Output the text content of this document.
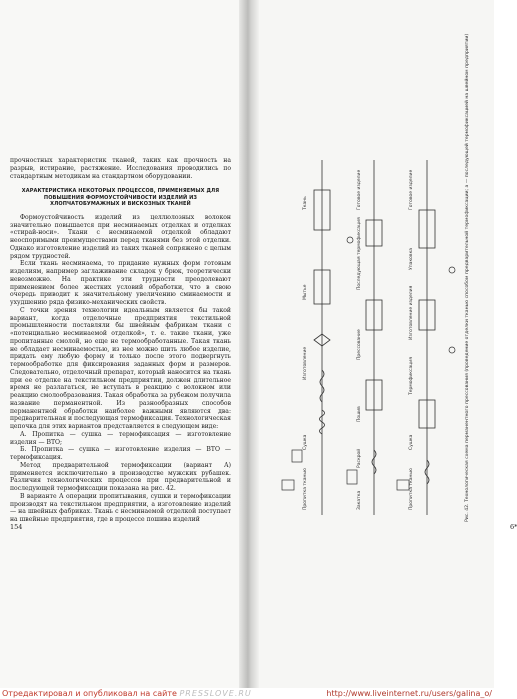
прочностных характеристик тканей, таких как прочность на разрыв, истирание, растяжение. Исследования проводились по стандартным методикам на стандартном оборудовании.

ХАРАКТЕРИСТИКА НЕКОТОРЫХ ПРОЦЕССОВ, ПРИМЕНЯЕМЫХ ДЛЯ ПОВЫШЕНИЯ ФОРМОУСТОЙЧИВОСТИ ИЗДЕЛИЙ ИЗ ХЛОПЧАТОБУМАЖНЫХ И ВИСКОЗНЫХ ТКАНЕЙ

Формоустойчивость изделий из целлюлозных волокон значительно повышается при несминаемых отделках и отделках «стирай-носи». Ткани с несминаемой отделкой обладают неоспоримыми преимуществами перед тканями без этой отделки. Однако изготовление изделий из таких тканей сопряжено с целым рядом трудностей.

Если ткань несминаема, то придание нужных форм готовым изделиям, например заглаживание складок у брюк, теоретически невозможно. На практике эти трудности преодолевают применением более жестких условий обработки, что в свою очередь приводит к значительному увеличению сминаемости и ухудшению ряда физико-механических свойств.

С точки зрения технологии идеальным является бы такой вариант, когда отделочные предприятия текстильной промышленности поставляли бы швейным фабрикам ткани с «потенциально несминаемой отделкой», т. е. такие ткани, уже пропитанные смолой, но еще не термообработанные. Такая ткань не обладает несминаемостью, из нее можно шить любое изделие, придать ему любую форму и только после этого подвергнуть термообработке для фиксирования заданных форм и размеров. Следовательно, отделочный препарат, который наносится на ткань при ее отделке на текстильном предприятии, должен длительное время не разлагаться, не вступать в реакцию с волокном или реакцию смолообразования. Такая обработка за рубежом получила название перманентной. Из разнообразных способов перманентной обработки наиболее важными являются два: предварительная и последующая термофиксация. Технологическая цепочка для этих вариантов представляется в следующем виде:

А. Пропитка — сушка — термофиксация — изготовление изделия — ВТО;

Б. Пропитка — сушка — изготовление изделия — ВТО — термофиксация.

Метод предварительной термофиксации (вариант А) применяется исключительно в производстве мужских рубашек. Различия технологических процессов при предварительной и последующей термофиксации показана на рис. 42.

В варианте А операции пропитывания, сушки и термофиксации производят на текстильном предприятии, а изготовление изделий — на швейных фабриках. Ткань с несминаемой отделкой поступает на швейные предприятия, где в процессе пошива изделий

154	6*
Пропитка тканью
Сушка
Изготовление
Мытье
Ткань
Закатка
Раскрой
Пошив
Прессование
Последующая термофиксация
Готовое изделие
Пропитка тканью
Сушка
Термофиксация
Изготовление изделия
Упаковка
Готовое изделие	Рис. 42. Технологическая схема перманентного прессования (проведение отделки тканью способом предварительной термофиксации; а — последующей термофиксацией на швейном предприятии)
Отредактировал и опубликовал на сайте PRESSLOVE.RU	http://www.liveinternet.ru/users/galina_o/
